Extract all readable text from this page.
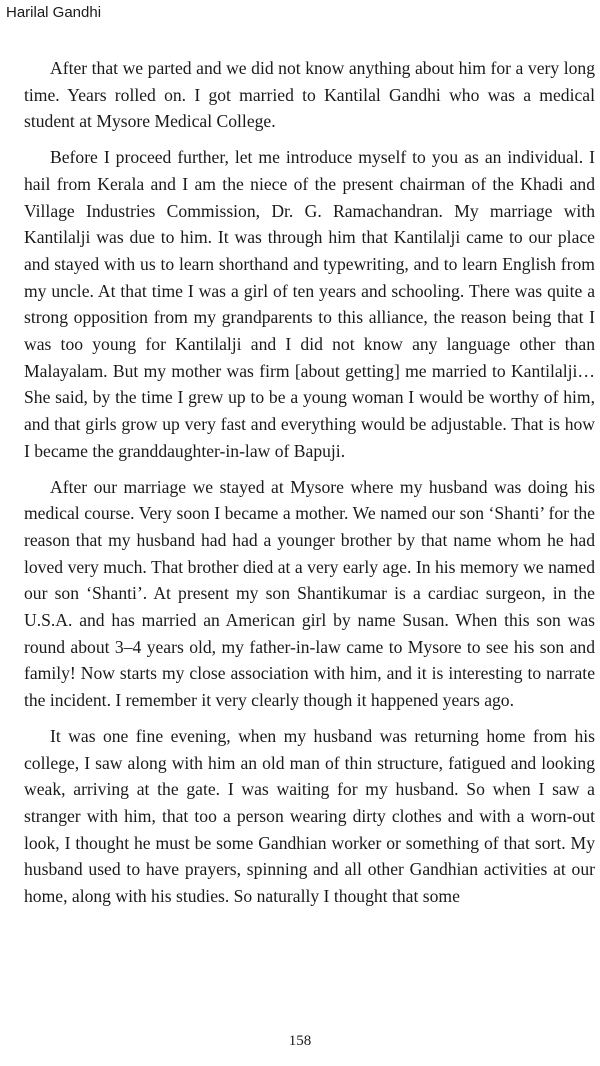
Harilal Gandhi

After that we parted and we did not know anything about him for a very long time. Years rolled on. I got married to Kantilal Gandhi who was a medical student at Mysore Medical College.

Before I proceed further, let me introduce myself to you as an individual. I hail from Kerala and I am the niece of the present chairman of the Khadi and Village Industries Commission, Dr. G. Ramachandran. My marriage with Kantilalji was due to him. It was through him that Kantilalji came to our place and stayed with us to learn shorthand and typewriting, and to learn English from my uncle. At that time I was a girl of ten years and schooling. There was quite a strong opposition from my grandparents to this alliance, the reason being that I was too young for Kantilalji and I did not know any language other than Malayalam. But my mother was firm [about getting] me married to Kantilalji…She said, by the time I grew up to be a young woman I would be worthy of him, and that girls grow up very fast and everything would be adjustable. That is how I became the granddaughter-in-law of Bapuji.

After our marriage we stayed at Mysore where my husband was doing his medical course. Very soon I became a mother. We named our son ‘Shanti’ for the reason that my husband had had a younger brother by that name whom he had loved very much. That brother died at a very early age. In his memory we named our son ‘Shanti’. At present my son Shantikumar is a cardiac surgeon, in the U.S.A. and has married an American girl by name Susan. When this son was round about 3–4 years old, my father-in-law came to Mysore to see his son and family! Now starts my close association with him, and it is interesting to narrate the incident. I remember it very clearly though it happened years ago.

It was one fine evening, when my husband was returning home from his college, I saw along with him an old man of thin structure, fatigued and looking weak, arriving at the gate. I was waiting for my husband. So when I saw a stranger with him, that too a person wearing dirty clothes and with a worn-out look, I thought he must be some Gandhian worker or something of that sort. My husband used to have prayers, spinning and all other Gandhian activities at our home, along with his studies. So naturally I thought that some

158
